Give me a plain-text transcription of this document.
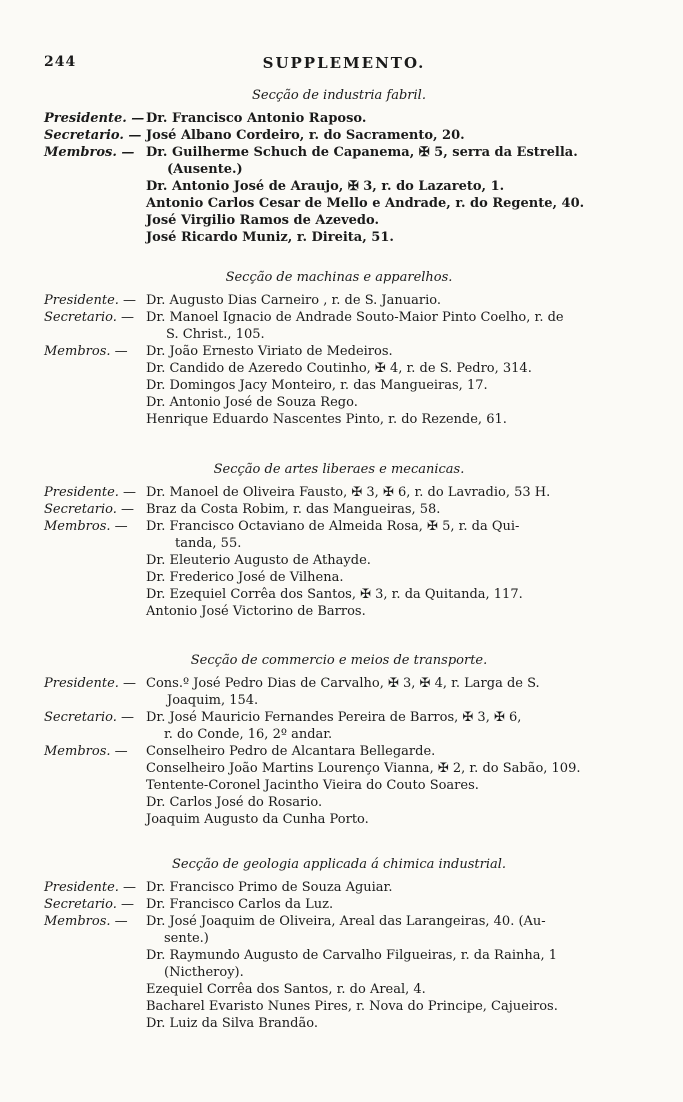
244	SUPPLEMENTO.
Secção de industria fabril.
Presidente. — Dr. Francisco Antonio Raposo.
Secretario. — José Albano Cordeiro, r. do Sacramento, 20.
Membros. — Dr. Guilherme Schuch de Capanema, ✠ 5, serra da Estrella.
(Ausente.)
Dr. Antonio José de Araujo, ✠ 3, r. do Lazareto, 1.
Antonio Carlos Cesar de Mello e Andrade, r. do Regente, 40.
José Virgilio Ramos de Azevedo.
José Ricardo Muniz, r. Direita, 51.
Secção de machinas e apparelhos.
Presidente. — Dr. Augusto Dias Carneiro , r. de S. Januario.
Secretario. — Dr. Manoel Ignacio de Andrade Souto-Maior Pinto Coelho, r. de
S. Christ., 105.
Membros. — Dr. João Ernesto Viriato de Medeiros.
Dr. Candido de Azeredo Coutinho, ✠ 4, r. de S. Pedro, 314.
Dr. Domingos Jacy Monteiro, r. das Mangueiras, 17.
Dr. Antonio José de Souza Rego.
Henrique Eduardo Nascentes Pinto, r. do Rezende, 61.
Secção de artes liberaes e mecanicas.
Presidente. — Dr. Manoel de Oliveira Fausto, ✠ 3, ✠ 6, r. do Lavradio, 53 H.
Secretario. — Braz da Costa Robim, r. das Mangueiras, 58.
Membros. — Dr. Francisco Octaviano de Almeida Rosa, ✠ 5, r. da Qui-
tanda, 55.
Dr. Eleuterio Augusto de Athayde.
Dr. Frederico José de Vilhena.
Dr. Ezequiel Corrêa dos Santos, ✠ 3, r. da Quitanda, 117.
Antonio José Victorino de Barros.
Secção de commercio e meios de transporte.
Presidente. — Cons.º José Pedro Dias de Carvalho, ✠ 3, ✠ 4, r. Larga de S.
Joaquim, 154.
Secretario. — Dr. José Mauricio Fernandes Pereira de Barros, ✠ 3, ✠ 6,
r. do Conde, 16, 2º andar.
Membros. — Conselheiro Pedro de Alcantara Bellegarde.
Conselheiro João Martins Lourenço Vianna, ✠ 2, r. do Sabão, 109.
Tentente-Coronel Jacintho Vieira do Couto Soares.
Dr. Carlos José do Rosario.
Joaquim Augusto da Cunha Porto.
Secção de geologia applicada á chimica industrial.
Presidente. — Dr. Francisco Primo de Souza Aguiar.
Secretario. — Dr. Francisco Carlos da Luz.
Membros. — Dr. José Joaquim de Oliveira, Areal das Larangeiras, 40. (Au-
sente.)
Dr. Raymundo Augusto de Carvalho Filgueiras, r. da Rainha, 1
(Nictheroy).
Ezequiel Corrêa dos Santos, r. do Areal, 4.
Bacharel Evaristo Nunes Pires, r. Nova do Principe, Cajueiros.
Dr. Luiz da Silva Brandão.
